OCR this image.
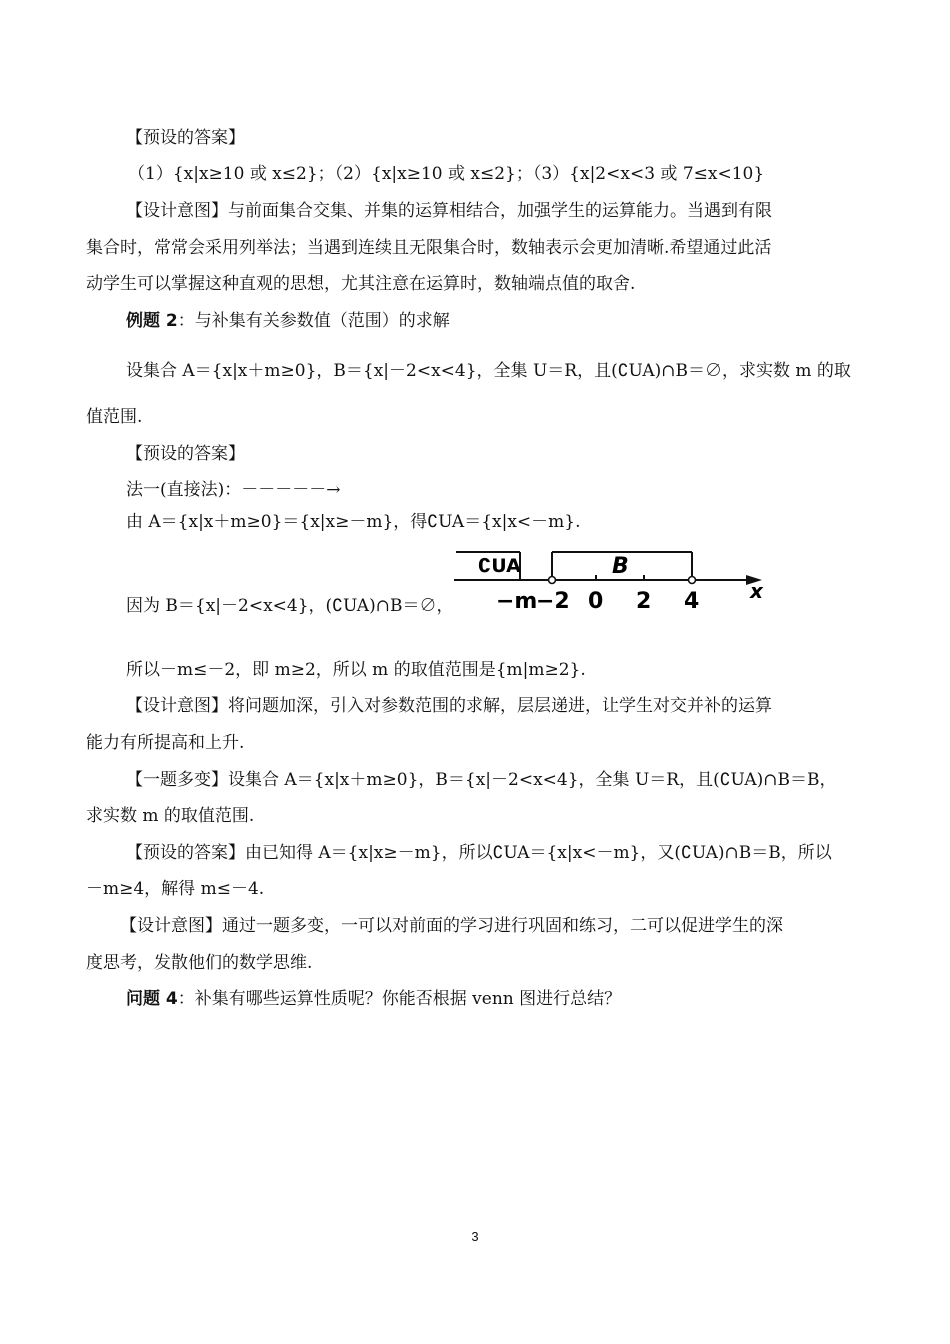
【预设的答案】
（1）{x|x≥10 或 x≤2}；（2）{x|x≥10 或 x≤2}；（3）{x|2<x<3 或 7≤x<10}
【设计意图】与前面集合交集、并集的运算相结合，加强学生的运算能力。当遇到有限
集合时，常常会采用列举法；当遇到连续且无限集合时，数轴表示会更加清晰.希望通过此活
动学生可以掌握这种直观的思想，尤其注意在运算时，数轴端点值的取舍.
例题 2：与补集有关参数值（范围）的求解
设集合 A＝{x|x＋m≥0}，B＝{x|－2<x<4}，全集 U＝R，且(∁UA)∩B＝∅，求实数 m 的取
值范围.
【预设的答案】
法一(直接法)：－－－－－→
由 A＝{x|x＋m≥0}＝{x|x≥－m}，得∁UA＝{x|x<－m}.
因为 B＝{x|－2<x<4}，(∁UA)∩B＝∅，
∁UA	B
−m
−2 0 2 4	x
所以－m≤－2，即 m≥2，所以 m 的取值范围是{m|m≥2}.
【设计意图】将问题加深，引入对参数范围的求解，层层递进，让学生对交并补的运算
能力有所提高和上升.
【一题多变】设集合 A＝{x|x＋m≥0}，B＝{x|－2<x<4}，全集 U＝R，且(∁UA)∩B＝B，
求实数 m 的取值范围.
【预设的答案】由已知得 A＝{x|x≥－m}，所以∁UA＝{x|x<－m}，又(∁UA)∩B＝B，所以
－m≥4，解得 m≤－4.
【设计意图】通过一题多变，一可以对前面的学习进行巩固和练习，二可以促进学生的深
度思考，发散他们的数学思维.
问题 4：补集有哪些运算性质呢？你能否根据 venn 图进行总结？
3
